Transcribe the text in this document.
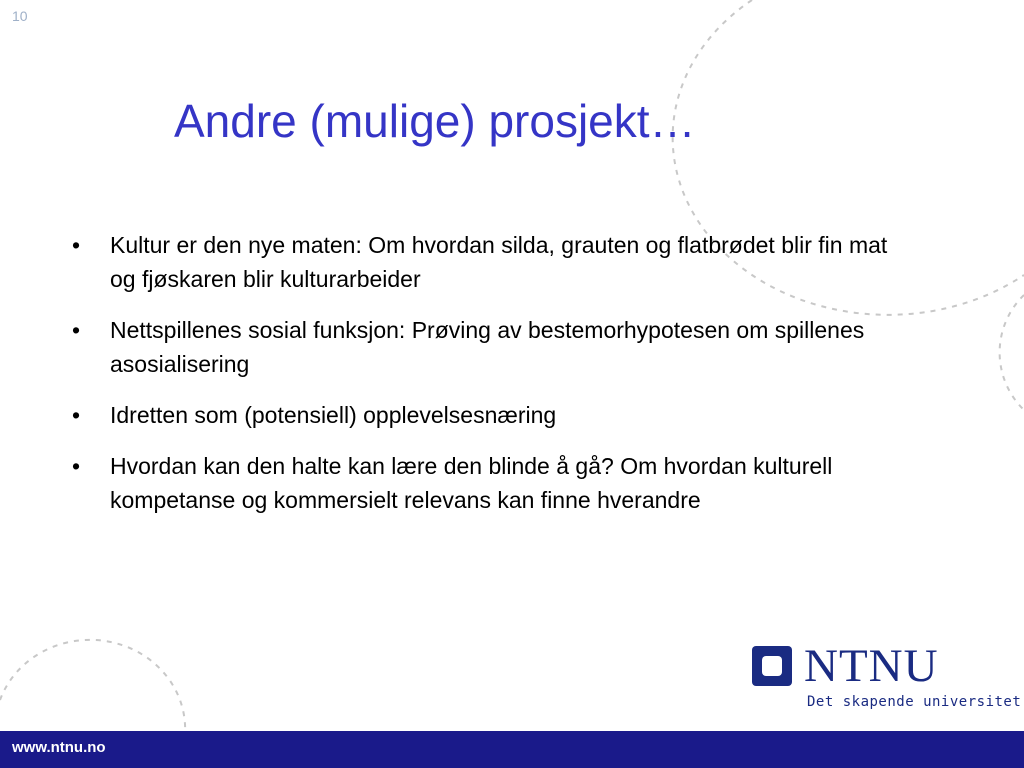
10
Andre (mulige) prosjekt…
• Kultur er den nye maten: Om hvordan silda, grauten og flatbrødet blir fin mat og fjøskaren blir kulturarbeider
• Nettspillenes sosial funksjon: Prøving av bestemorhypotesen om spillenes asosialisering
• Idretten som (potensiell) opplevelsesnæring
• Hvordan kan den halte kan lære den blinde å gå? Om hvordan kulturell kompetanse og kommersielt relevans kan finne hverandre
NTNU
Det skapende universitet
www.ntnu.no
